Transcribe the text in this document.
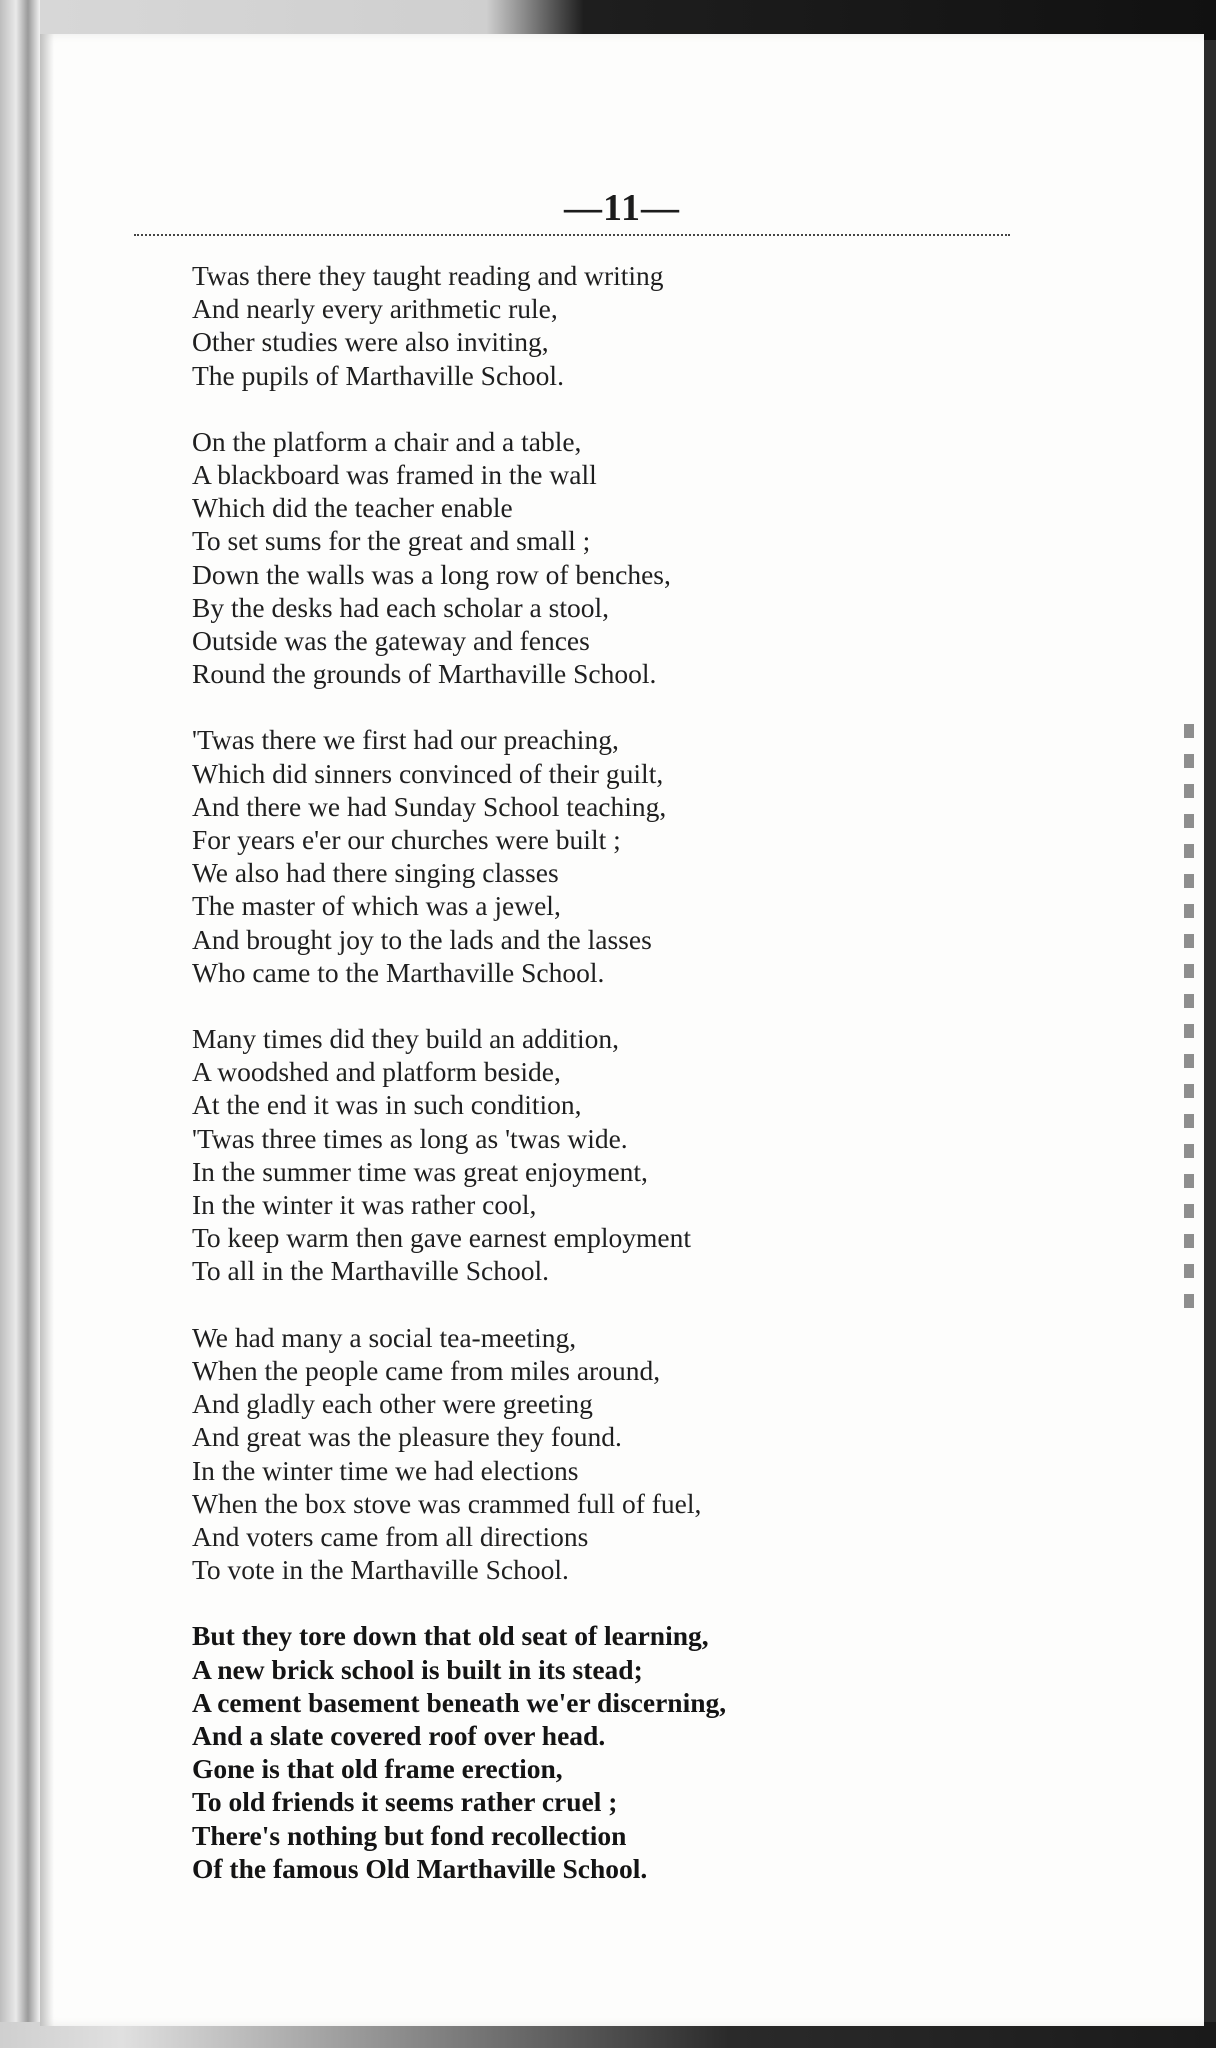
—11—
Twas there they taught reading and writing
And nearly every arithmetic rule,
Other studies were also inviting,
The pupils of Marthaville School.
On the platform a chair and a table,
A blackboard was framed in the wall
Which did the teacher enable
To set sums for the great and small ;
Down the walls was a long row of benches,
By the desks had each scholar a stool,
Outside was the gateway and fences
Round the grounds of Marthaville School.
'Twas there we first had our preaching,
Which did sinners convinced of their guilt,
And there we had Sunday School teaching,
For years e'er our churches were built ;
We also had there singing classes
The master of which was a jewel,
And brought joy to the lads and the lasses
Who came to the Marthaville School.
Many times did they build an addition,
A woodshed and platform beside,
At the end it was in such condition,
'Twas three times as long as 'twas wide.
In the summer time was great enjoyment,
In the winter it was rather cool,
To keep warm then gave earnest employment
To all in the Marthaville School.
We had many a social tea-meeting,
When the people came from miles around,
And gladly each other were greeting
And great was the pleasure they found.
In the winter time we had elections
When the box stove was crammed full of fuel,
And voters came from all directions
To vote in the Marthaville School.
But they tore down that old seat of learning,
A new brick school is built in its stead;
A cement basement beneath we'er discerning,
And a slate covered roof over head.
Gone is that old frame erection,
To old friends it seems rather cruel ;
There's nothing but fond recollection
Of the famous Old Marthaville School.
